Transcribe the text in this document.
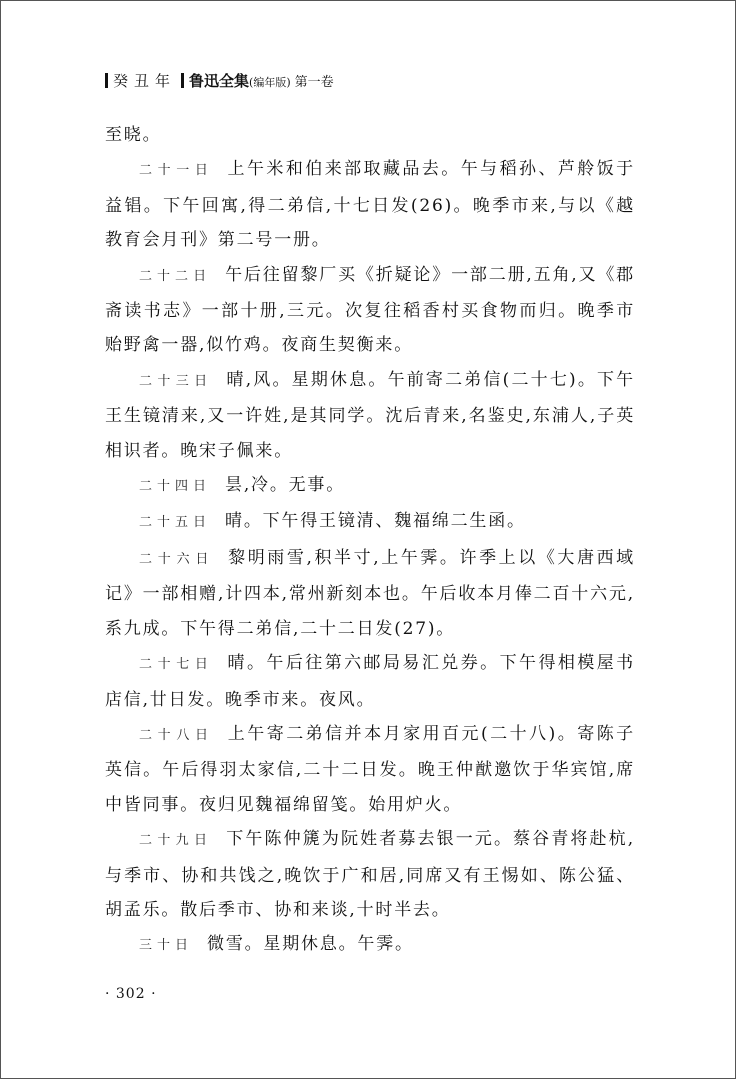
癸丑年 鲁迅全集(编年版) 第一卷

至晓。

二十一日 上午米和伯来部取藏品去。午与稻孙、芦舲饭于益锠。下午回寓,得二弟信,十七日发(26)。晚季市来,与以《越教育会月刊》第二号一册。

二十二日 午后往留黎厂买《折疑论》一部二册,五角,又《郡斋读书志》一部十册,三元。次复往稻香村买食物而归。晚季市贻野禽一器,似竹鸡。夜商生契衡来。

二十三日 晴,风。星期休息。午前寄二弟信(二十七)。下午王生镜清来,又一许姓,是其同学。沈后青来,名鉴史,东浦人,子英相识者。晚宋子佩来。

二十四日 昙,冷。无事。

二十五日 晴。下午得王镜清、魏福绵二生函。

二十六日 黎明雨雪,积半寸,上午霁。许季上以《大唐西域记》一部相赠,计四本,常州新刻本也。午后收本月俸二百十六元,系九成。下午得二弟信,二十二日发(27)。

二十七日 晴。午后往第六邮局易汇兑券。下午得相模屋书店信,廿日发。晚季市来。夜风。

二十八日 上午寄二弟信并本月家用百元(二十八)。寄陈子英信。午后得羽太家信,二十二日发。晚王仲猷邀饮于华宾馆,席中皆同事。夜归见魏福绵留笺。始用炉火。

二十九日 下午陈仲篪为阮姓者募去银一元。蔡谷青将赴杭,与季市、协和共饯之,晚饮于广和居,同席又有王惕如、陈公猛、胡孟乐。散后季市、协和来谈,十时半去。

三十日 微雪。星期休息。午霁。

· 302 ·
